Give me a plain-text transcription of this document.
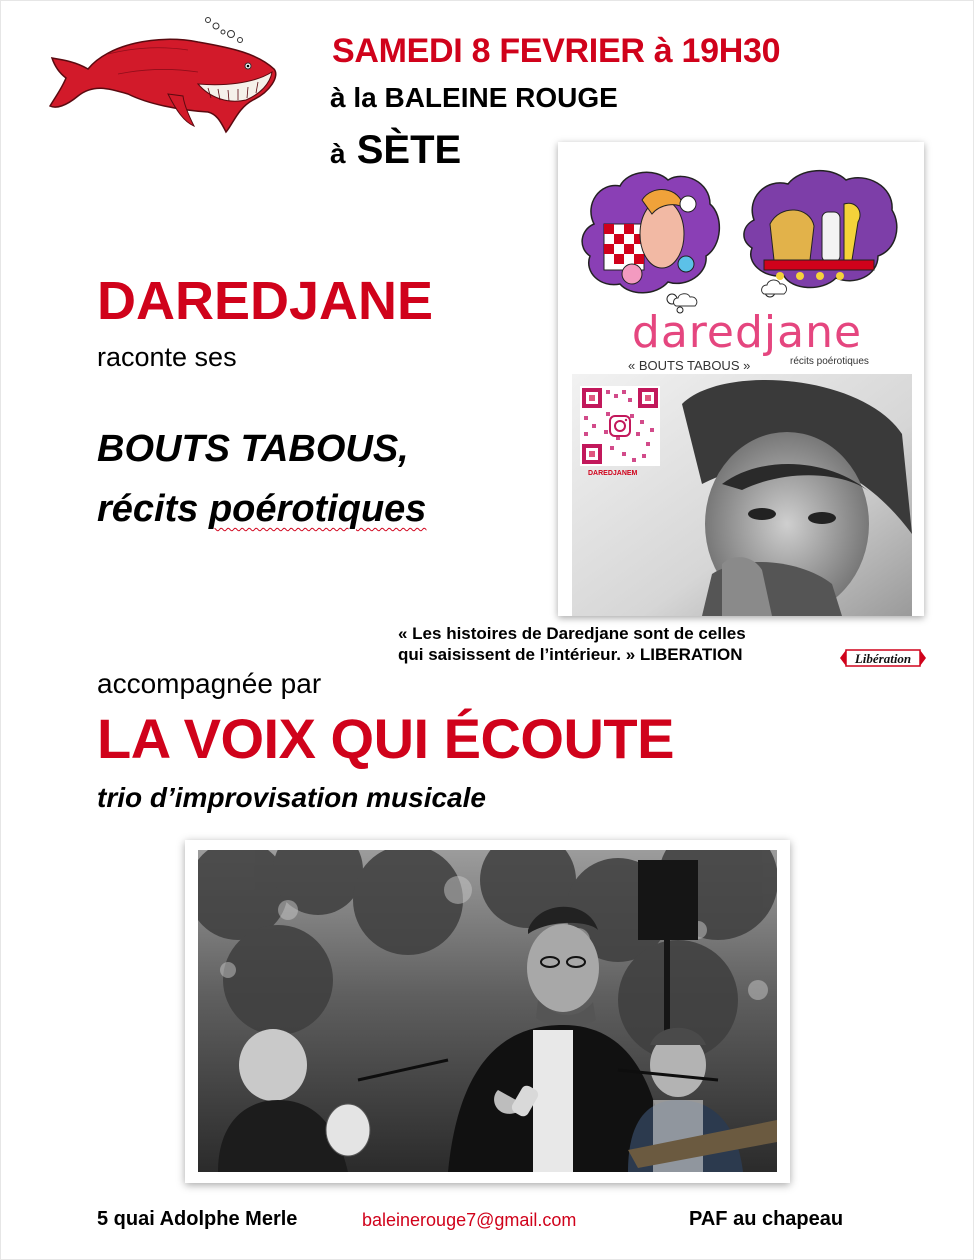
SAMEDI 8 FEVRIER à 19H30
à la BALEINE ROUGE
à SÈTE
DAREDJANE
raconte ses
BOUTS TABOUS,
récits poérotiques
daredjane
« BOUTS TABOUS »	récits poérotiques
DAREDJANEM
« Les histoires de Daredjane sont de celles
qui saisissent de l’intérieur. » LIBERATION	Libération
accompagnée par
LA VOIX QUI ÉCOUTE
trio d’improvisation musicale
5 quai Adolphe Merle	baleinerouge7@gmail.com	PAF au chapeau
